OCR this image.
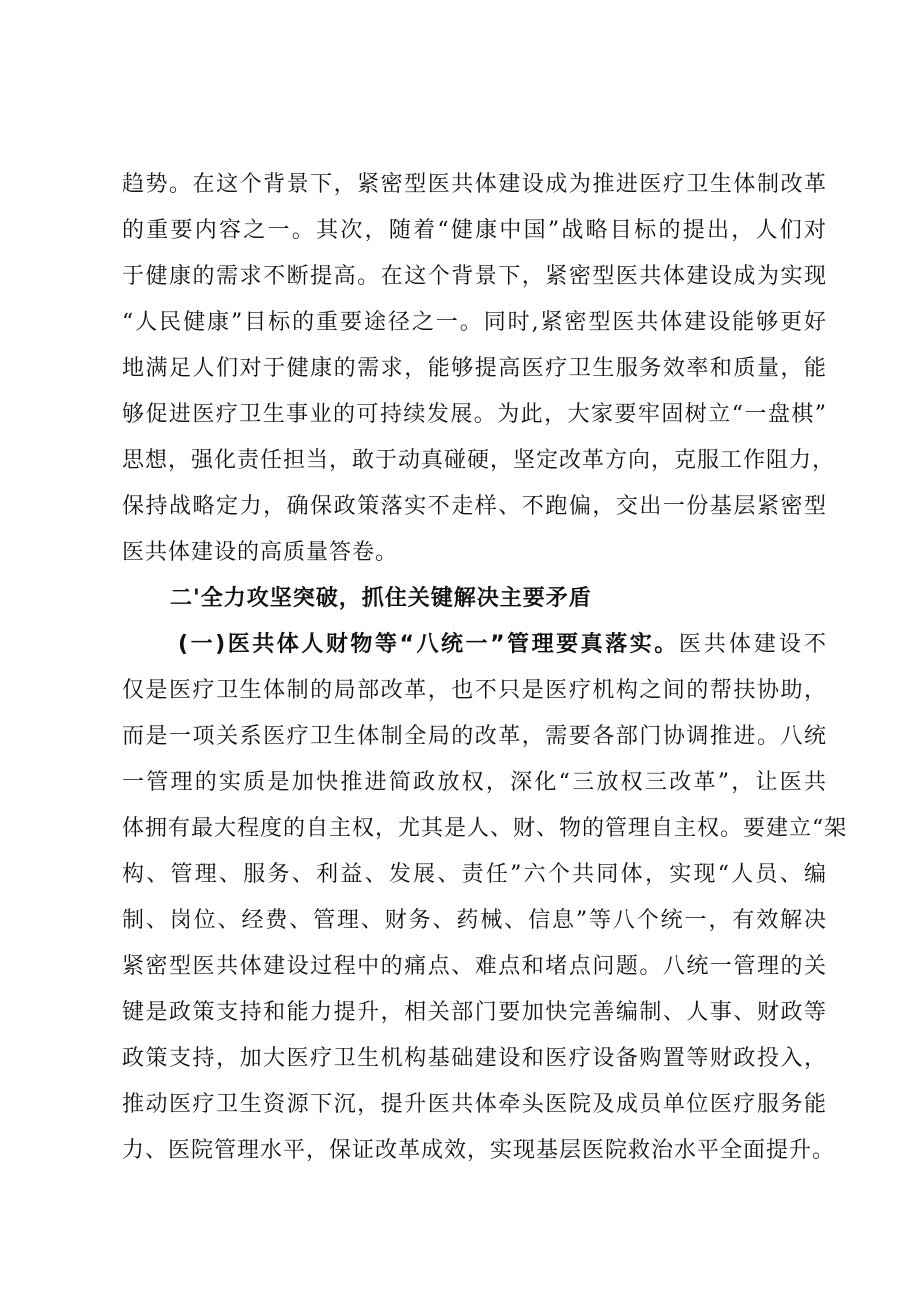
趋势。在这个背景下，紧密型医共体建设成为推进医疗卫生体制改革
的重要内容之一。其次，随着“健康中国”战略目标的提出，人们对
于健康的需求不断提高。在这个背景下，紧密型医共体建设成为实现
“人民健康”目标的重要途径之一。同时,紧密型医共体建设能够更好
地满足人们对于健康的需求，能够提高医疗卫生服务效率和质量，能
够促进医疗卫生事业的可持续发展。为此，大家要牢固树立“一盘棋”
思想，强化责任担当，敢于动真碰硬，坚定改革方向，克服工作阻力，
保持战略定力，确保政策落实不走样、不跑偏，交出一份基层紧密型
医共体建设的高质量答卷。
二'全力攻坚突破，抓住关键解决主要矛盾
(一)医共体人财物等“八统一”管理要真落实。医共体建设不
仅是医疗卫生体制的局部改革，也不只是医疗机构之间的帮扶协助，
而是一项关系医疗卫生体制全局的改革，需要各部门协调推进。八统
一管理的实质是加快推进简政放权，深化“三放权三改革”，让医共
体拥有最大程度的自主权，尤其是人、财、物的管理自主权。要建立“架
构、管理、服务、利益、发展、责任”六个共同体，实现“人员、编
制、岗位、经费、管理、财务、药械、信息”等八个统一，有效解决
紧密型医共体建设过程中的痛点、难点和堵点问题。八统一管理的关
键是政策支持和能力提升，相关部门要加快完善编制、人事、财政等
政策支持，加大医疗卫生机构基础建设和医疗设备购置等财政投入，
推动医疗卫生资源下沉，提升医共体牵头医院及成员单位医疗服务能
力、医院管理水平，保证改革成效，实现基层医院救治水平全面提升。
